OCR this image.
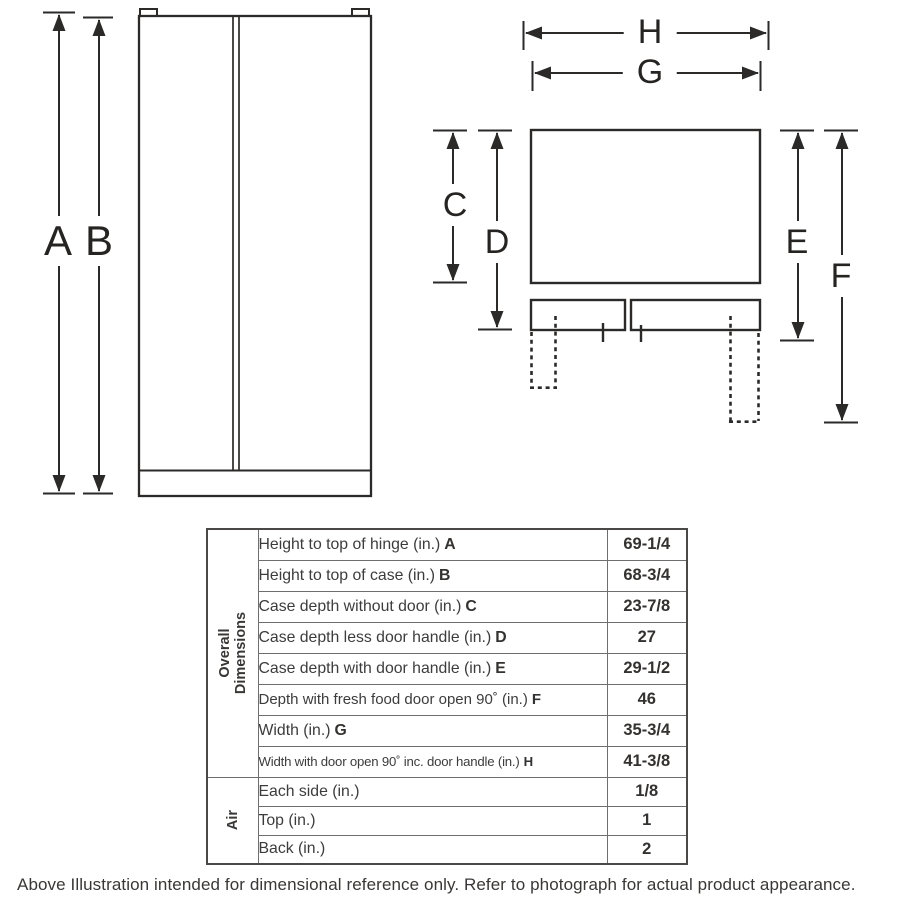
A B
C
D	E
F
G
H
Overall Dimensions	Height to top of hinge (in.) A	69-1/4
	Height to top of case (in.) B	68-3/4
	Case depth without door (in.) C	23-7/8
	Case depth less door handle (in.) D	27
	Case depth with door handle (in.) E	29-1/2
	Depth with fresh food door open 90˚ (in.) F	46
	Width (in.) G	35-3/4
	Width with door open 90˚ inc. door handle (in.) H	41-3/8

Air	Each side (in.)	1/8
	Top (in.)	1
	Back (in.)	2
Above Illustration intended for dimensional reference only. Refer to photograph for actual product appearance.
